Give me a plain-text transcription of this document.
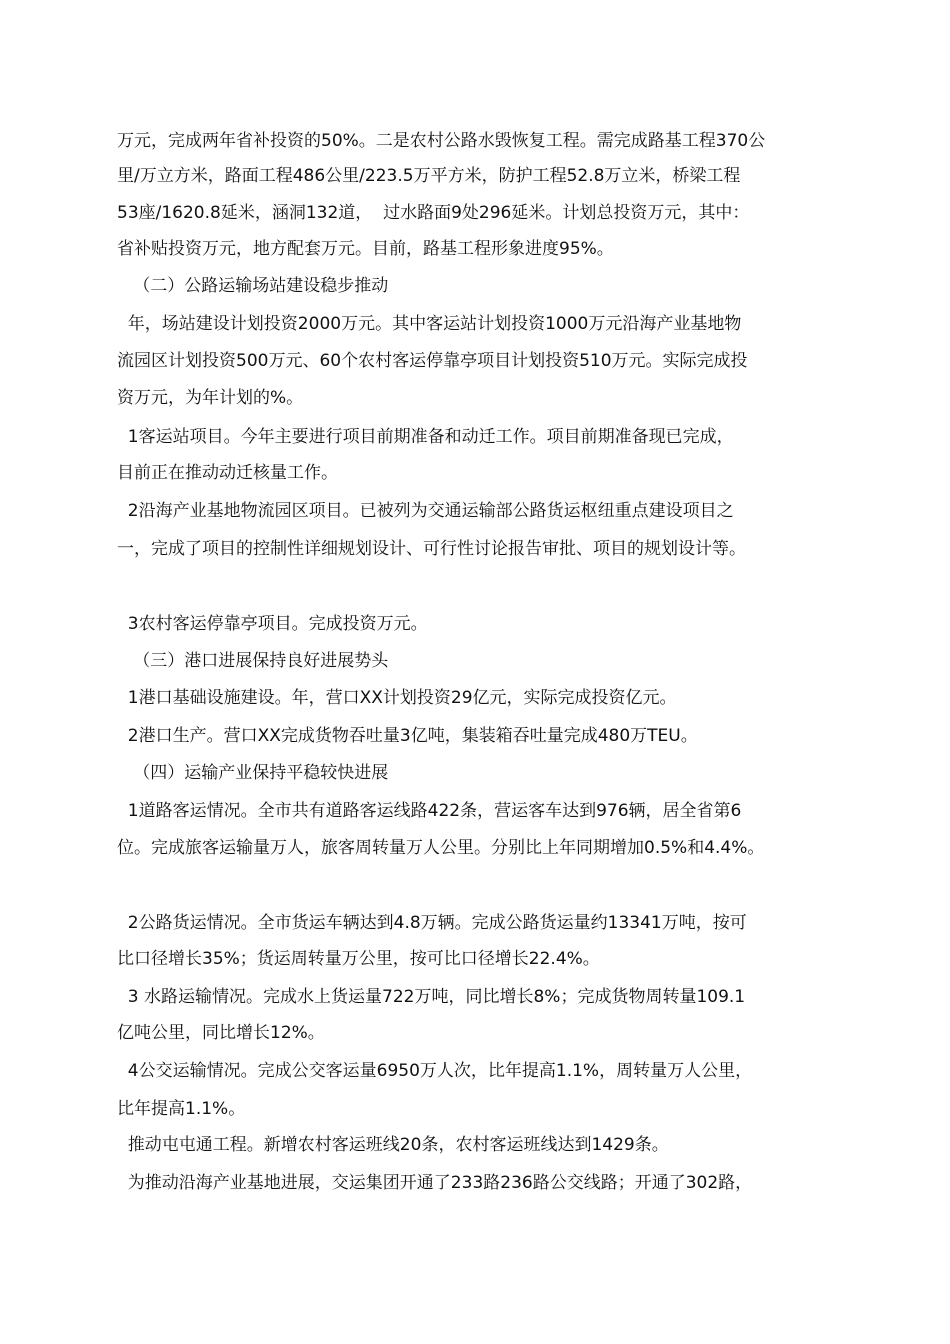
万元，完成两年省补投资的50%。二是农村公路水毁恢复工程。需完成路基工程370公
里/万立方米，路面工程486公里/223.5万平方米，防护工程52.8万立米，桥梁工程
53座/1620.8延米，涵洞132道，  过水路面9处296延米。计划总投资万元，其中：
省补贴投资万元，地方配套万元。目前，路基工程形象进度95%。
（二）公路运输场站建设稳步推动
年，场站建设计划投资2000万元。其中客运站计划投资1000万元沿海产业基地物
流园区计划投资500万元、60个农村客运停靠亭项目计划投资510万元。实际完成投
资万元，为年计划的%。
1客运站项目。今年主要进行项目前期准备和动迁工作。项目前期准备现已完成，
目前正在推动动迁核量工作。
2沿海产业基地物流园区项目。已被列为交通运输部公路货运枢纽重点建设项目之
一，完成了项目的控制性详细规划设计、可行性讨论报告审批、项目的规划设计等。
3农村客运停靠亭项目。完成投资万元。
（三）港口进展保持良好进展势头
1港口基础设施建设。年，营口XX计划投资29亿元，实际完成投资亿元。
2港口生产。营口XX完成货物吞吐量3亿吨，集装箱吞吐量完成480万TEU。
（四）运输产业保持平稳较快进展
1道路客运情况。全市共有道路客运线路422条，营运客车达到976辆，居全省第6
位。完成旅客运输量万人，旅客周转量万人公里。分别比上年同期增加0.5%和4.4%。
2公路货运情况。全市货运车辆达到4.8万辆。完成公路货运量约13341万吨，按可
比口径增长35%；货运周转量万公里，按可比口径增长22.4%。
3 水路运输情况。完成水上货运量722万吨，同比增长8%；完成货物周转量109.1
亿吨公里，同比增长12%。
4公交运输情况。完成公交客运量6950万人次，比年提高1.1%，周转量万人公里，
比年提高1.1%。
推动屯屯通工程。新增农村客运班线20条，农村客运班线达到1429条。
为推动沿海产业基地进展，交运集团开通了233路236路公交线路；开通了302路，
